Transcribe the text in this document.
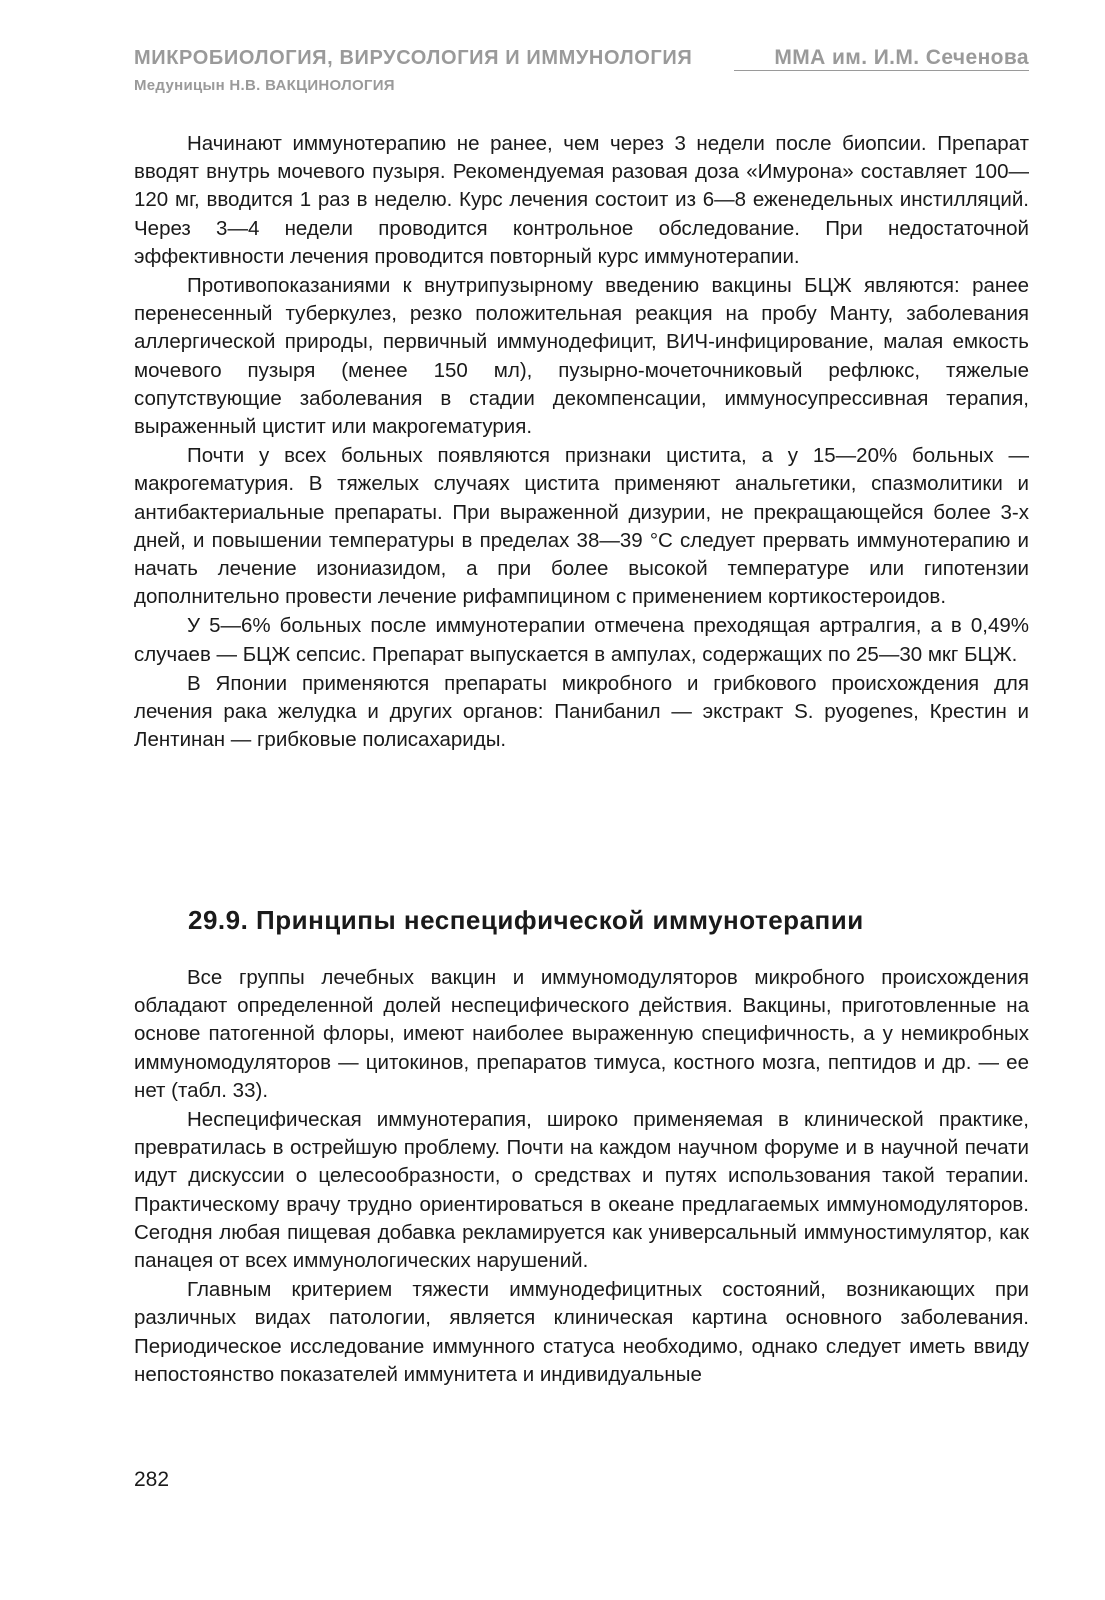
МИКРОБИОЛОГИЯ, ВИРУСОЛОГИЯ И ИММУНОЛОГИЯ	ММА им. И.М. Сеченова
Медуницын Н.В. ВАКЦИНОЛОГИЯ

Начинают иммунотерапию не ранее, чем через 3 недели после биопсии. Препарат вводят внутрь мочевого пузыря. Рекомендуемая разовая доза «Имурона» составляет 100—120 мг, вводится 1 раз в неделю. Курс лечения состоит из 6—8 еженедельных инстилляций. Через 3—4 недели проводится контрольное обследование. При недостаточной эффективности лечения проводится повторный курс иммунотерапии.

Противопоказаниями к внутрипузырному введению вакцины БЦЖ являются: ранее перенесенный туберкулез, резко положительная реакция на пробу Манту, заболевания аллергической природы, первичный иммунодефицит, ВИЧ-инфицирование, малая емкость мочевого пузыря (менее 150 мл), пузырно-мочеточниковый рефлюкс, тяжелые сопутствующие заболевания в стадии декомпенсации, иммуносупрессивная терапия, выраженный цистит или макрогематурия.

Почти у всех больных появляются признаки цистита, а у 15—20% больных — макрогематурия. В тяжелых случаях цистита применяют анальгетики, спазмолитики и антибактериальные препараты. При выраженной дизурии, не прекращающейся более 3-х дней, и повышении температуры в пределах 38—39 °С следует прервать иммунотерапию и начать лечение изониазидом, а при более высокой температуре или гипотензии дополнительно провести лечение рифампицином с применением кортикостероидов.

У 5—6% больных после иммунотерапии отмечена преходящая артралгия, а в 0,49% случаев — БЦЖ сепсис. Препарат выпускается в ампулах, содержащих по 25—30 мкг БЦЖ.

В Японии применяются препараты микробного и грибкового происхождения для лечения рака желудка и других органов: Панибанил — экстракт S. pyogenes, Крестин и Лентинан — грибковые полисахариды.

29.9. Принципы неспецифической иммунотерапии

Все группы лечебных вакцин и иммуномодуляторов микробного происхождения обладают определенной долей неспецифического действия. Вакцины, приготовленные на основе патогенной флоры, имеют наиболее выраженную специфичность, а у немикробных иммуномодуляторов — цитокинов, препаратов тимуса, костного мозга, пептидов и др. — ее нет (табл. 33).

Неспецифическая иммунотерапия, широко применяемая в клинической практике, превратилась в острейшую проблему. Почти на каждом научном форуме и в научной печати идут дискуссии о целесообразности, о средствах и путях использования такой терапии. Практическому врачу трудно ориентироваться в океане предлагаемых иммуномодуляторов. Сегодня любая пищевая добавка рекламируется как универсальный иммуностимулятор, как панацея от всех иммунологических нарушений.

Главным критерием тяжести иммунодефицитных состояний, возникающих при различных видах патологии, является клиническая картина основного заболевания. Периодическое исследование иммунного статуса необходимо, однако следует иметь ввиду непостоянство показателей иммунитета и индивидуальные

282
